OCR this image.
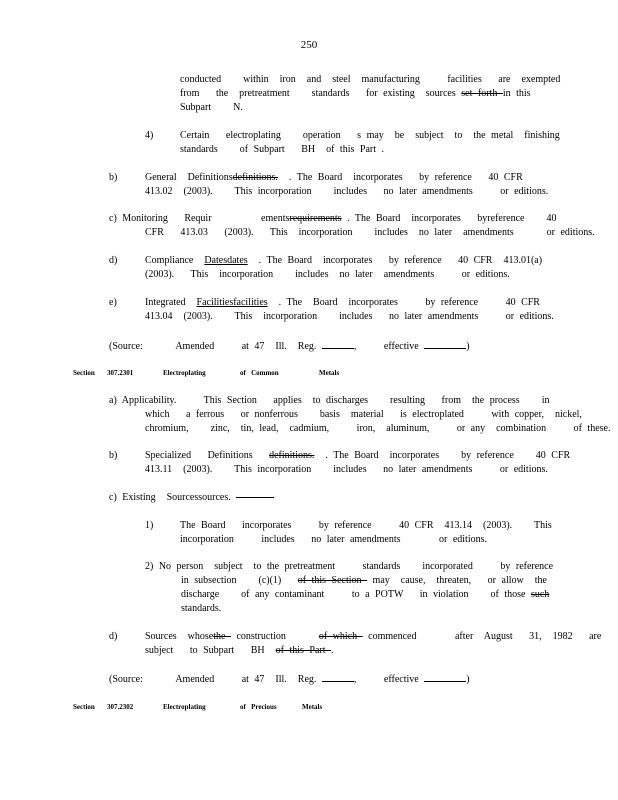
250
conducted    within  iron  and  steel  manufacturing     facilities   are  exempted
from   the  pretreatment    standards   for existing  sources set forth in this
Subpart    N.
4)	Certain   electroplating    operation   s may  be  subject  to  the metal  finishing
standards    of Subpart   BH  of this Part .
b)	General  Definitionsdefinitions.  . The Board  incorporates   by reference   40 CFR
413.02  (2003).    This incorporation    includes   no later amendments     or editions.
c) Monitoring   Requir         ementsrequirements . The Board  incorporates   byreference    40
CFR   413.03   (2003).   This  incorporation    includes  no later  amendments      or editions.
d)	Compliance  Datesdates  . The Board  incorporates   by reference   40 CFR  413.01(a)
(2003).   This  incorporation    includes  no later  amendments     or editions.
e)	Integrated  Facilitiesfacilities  . The  Board  incorporates     by reference     40 CFR
413.04  (2003).    This  incorporation    includes   no later amendments     or editions.
(Source:      Amended     at 47  Ill.  Reg.	,     effective	)
Section 307.2301	Electroplating	of   Common	Metals
a) Applicability.     This Section   applies  to discharges    resulting   from  the process    in
which   a ferrous   or nonferrous    basis  material   is electroplated     with copper,  nickel,
chromium,    zinc,  tin, lead,  cadmium,     iron,  aluminum,     or any  combination     of these.
b)	Specialized   Definitions   definitions.  . The Board  incorporates    by reference    40 CFR
413.11  (2003).    This incorporation    includes   no later amendments     or editions.
c) Existing  Sourcessources.
1)	The Board   incorporates     by reference     40 CFR  413.14  (2003).    This
incorporation     includes   no later amendments       or editions.
2) No person  subject  to the pretreatment     standards    incorporated     by reference
in subsection    (c)(1)   of this Section  may  cause,  threaten,   or allow  the
discharge    of any contaminant     to a POTW   in violation    of those such
standards.
d)	Sources  whosethe  construction      of which  commenced       after  August   31,  1982   are
subject   to Subpart   BH  of this Part .
(Source:      Amended     at 47  Ill.  Reg.	,     effective	)
Section 307.2302	Electroplating	of   Precious	Metals
